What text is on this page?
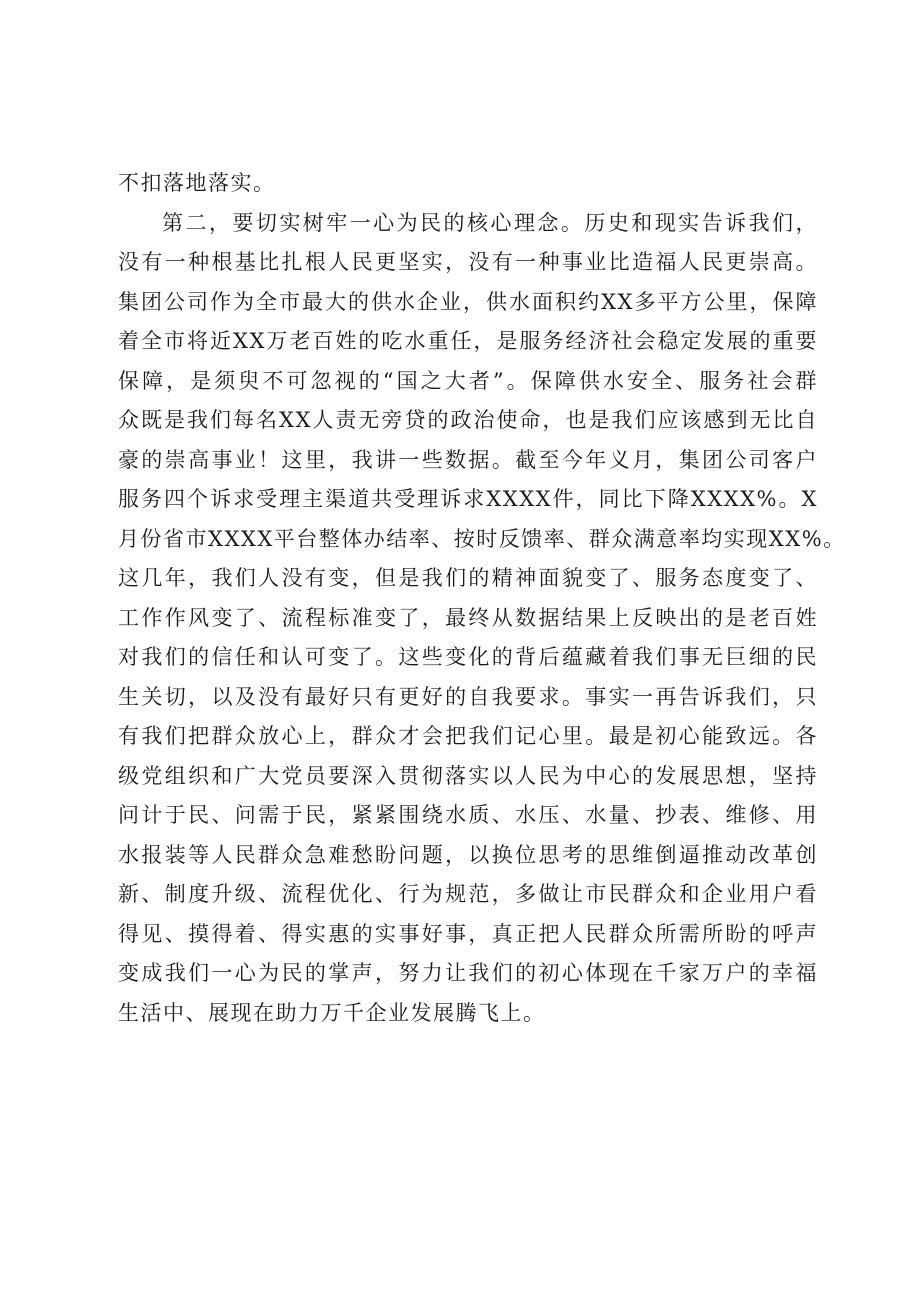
不扣落地落实。
第二，要切实树牢一心为民的核心理念。历史和现实告诉我们，
没有一种根基比扎根人民更坚实，没有一种事业比造福人民更崇高。
集团公司作为全市最大的供水企业，供水面积约XX多平方公里，保障
着全市将近XX万老百姓的吃水重任，是服务经济社会稳定发展的重要
保障，是须臾不可忽视的“国之大者”。保障供水安全、服务社会群
众既是我们每名XX人责无旁贷的政治使命，也是我们应该感到无比自
豪的崇高事业！这里，我讲一些数据。截至今年义月，集团公司客户
服务四个诉求受理主渠道共受理诉求XXXX件，同比下降XXXX%。X
月份省市XXXX平台整体办结率、按时反馈率、群众满意率均实现XX%。
这几年，我们人没有变，但是我们的精神面貌变了、服务态度变了、
工作作风变了、流程标准变了，最终从数据结果上反映出的是老百姓
对我们的信任和认可变了。这些变化的背后蕴藏着我们事无巨细的民
生关切，以及没有最好只有更好的自我要求。事实一再告诉我们，只
有我们把群众放心上，群众才会把我们记心里。最是初心能致远。各
级党组织和广大党员要深入贯彻落实以人民为中心的发展思想，坚持
问计于民、问需于民，紧紧围绕水质、水压、水量、抄表、维修、用
水报装等人民群众急难愁盼问题，以换位思考的思维倒逼推动改革创
新、制度升级、流程优化、行为规范，多做让市民群众和企业用户看
得见、摸得着、得实惠的实事好事，真正把人民群众所需所盼的呼声
变成我们一心为民的掌声，努力让我们的初心体现在千家万户的幸福
生活中、展现在助力万千企业发展腾飞上。
